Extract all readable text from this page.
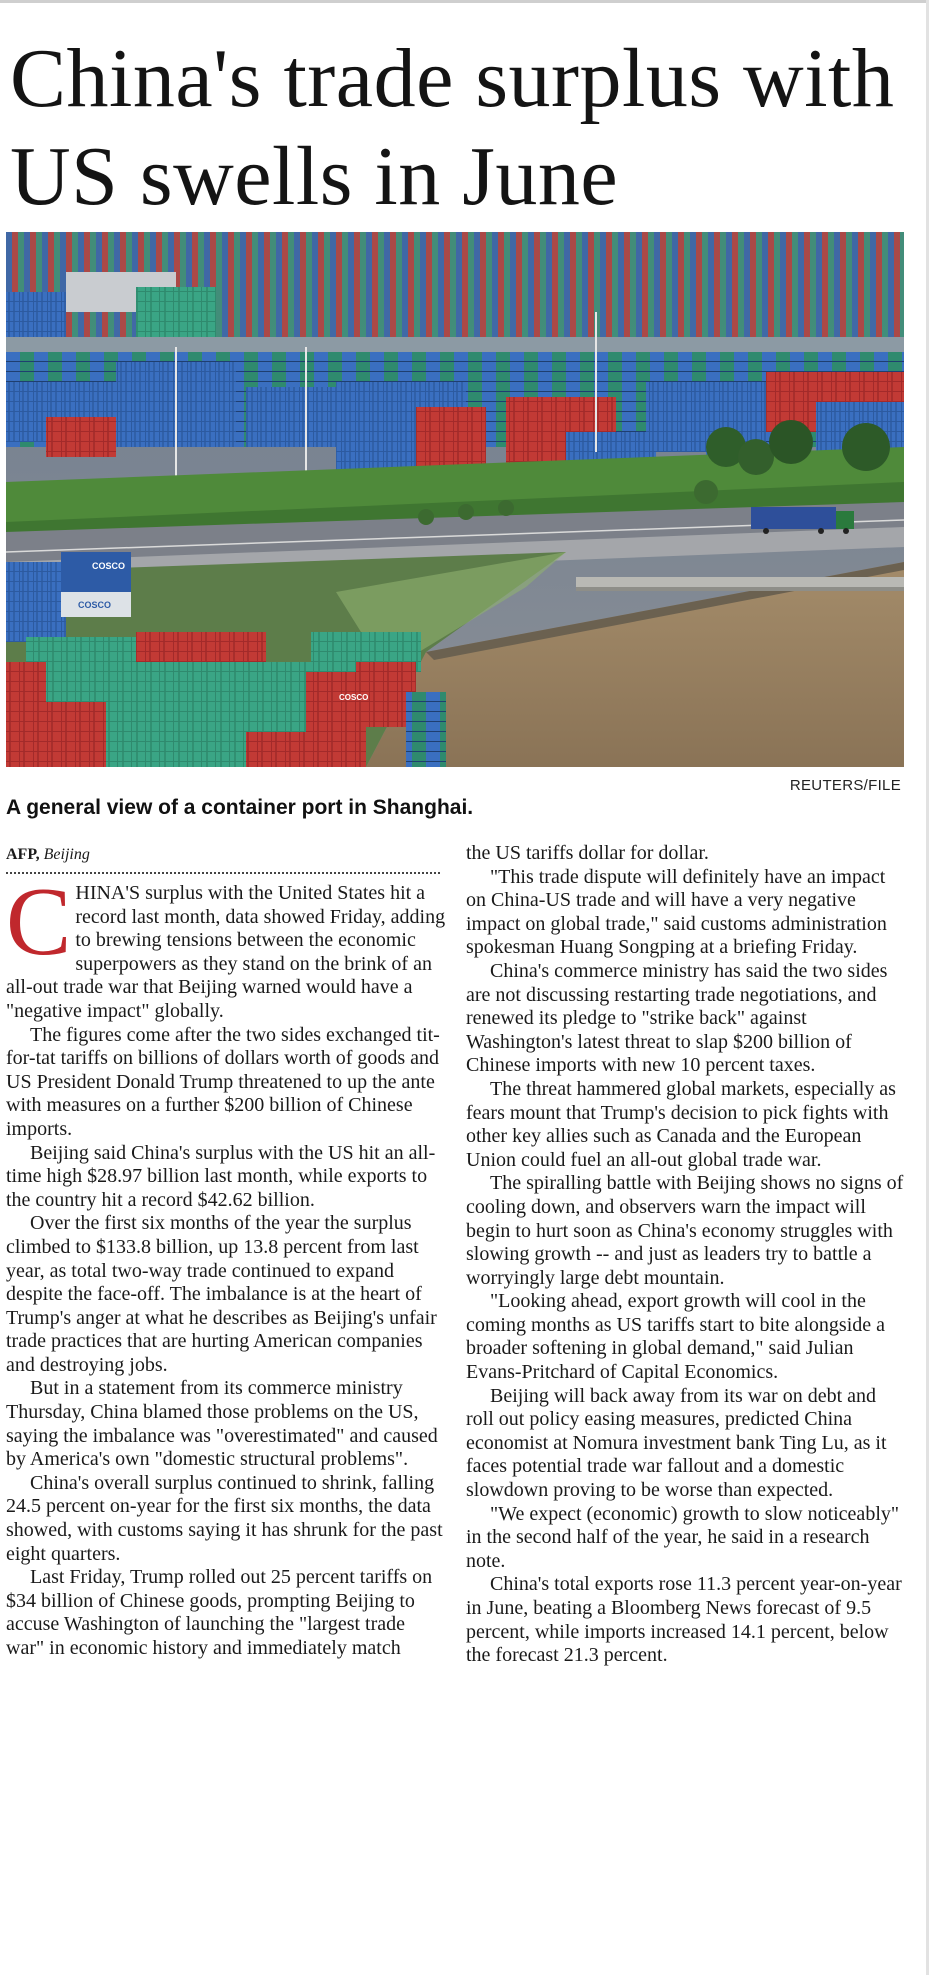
China's trade surplus with US swells in June
COSCO
COSCO
COSCO
REUTERS/FILE
A general view of a container port in Shanghai.
AFP, Beijing

CHINA'S surplus with the United States hit a record last month, data showed Friday, adding to brewing tensions between the economic superpowers as they stand on the brink of an all-out trade war that Beijing warned would have a "negative impact" globally.

The figures come after the two sides exchanged tit-for-tat tariffs on billions of dollars worth of goods and US President Donald Trump threatened to up the ante with measures on a further $200 billion of Chinese imports.

Beijing said China's surplus with the US hit an all-time high $28.97 billion last month, while exports to the country hit a record $42.62 billion.

Over the first six months of the year the surplus climbed to $133.8 billion, up 13.8 percent from last year, as total two-way trade continued to expand despite the face-off. The imbalance is at the heart of Trump's anger at what he describes as Beijing's unfair trade practices that are hurting American companies and destroying jobs.

But in a statement from its commerce ministry Thursday, China blamed those problems on the US, saying the imbalance was "overestimated" and caused by America's own "domestic structural problems".

China's overall surplus continued to shrink, falling 24.5 percent on-year for the first six months, the data showed, with customs saying it has shrunk for the past eight quarters.

Last Friday, Trump rolled out 25 percent tariffs on $34 billion of Chinese goods, prompting Beijing to accuse Washington of launching the "largest trade war" in economic history and immediately match

the US tariffs dollar for dollar.

"This trade dispute will definitely have an impact on China-US trade and will have a very negative impact on global trade," said customs administration spokesman Huang Songping at a briefing Friday.

China's commerce ministry has said the two sides are not discussing restarting trade negotiations, and renewed its pledge to "strike back" against Washington's latest threat to slap $200 billion of Chinese imports with new 10 percent taxes.

The threat hammered global markets, especially as fears mount that Trump's decision to pick fights with other key allies such as Canada and the European Union could fuel an all-out global trade war.

The spiralling battle with Beijing shows no signs of cooling down, and observers warn the impact will begin to hurt soon as China's economy struggles with slowing growth -- and just as leaders try to battle a worryingly large debt mountain.

"Looking ahead, export growth will cool in the coming months as US tariffs start to bite alongside a broader softening in global demand," said Julian Evans-Pritchard of Capital Economics.

Beijing will back away from its war on debt and roll out policy easing measures, predicted China economist at Nomura investment bank Ting Lu, as it faces potential trade war fallout and a domestic slowdown proving to be worse than expected.

"We expect (economic) growth to slow noticeably" in the second half of the year, he said in a research note.

China's total exports rose 11.3 percent year-on-year in June, beating a Bloomberg News forecast of 9.5 percent, while imports increased 14.1 percent, below the forecast 21.3 percent.
